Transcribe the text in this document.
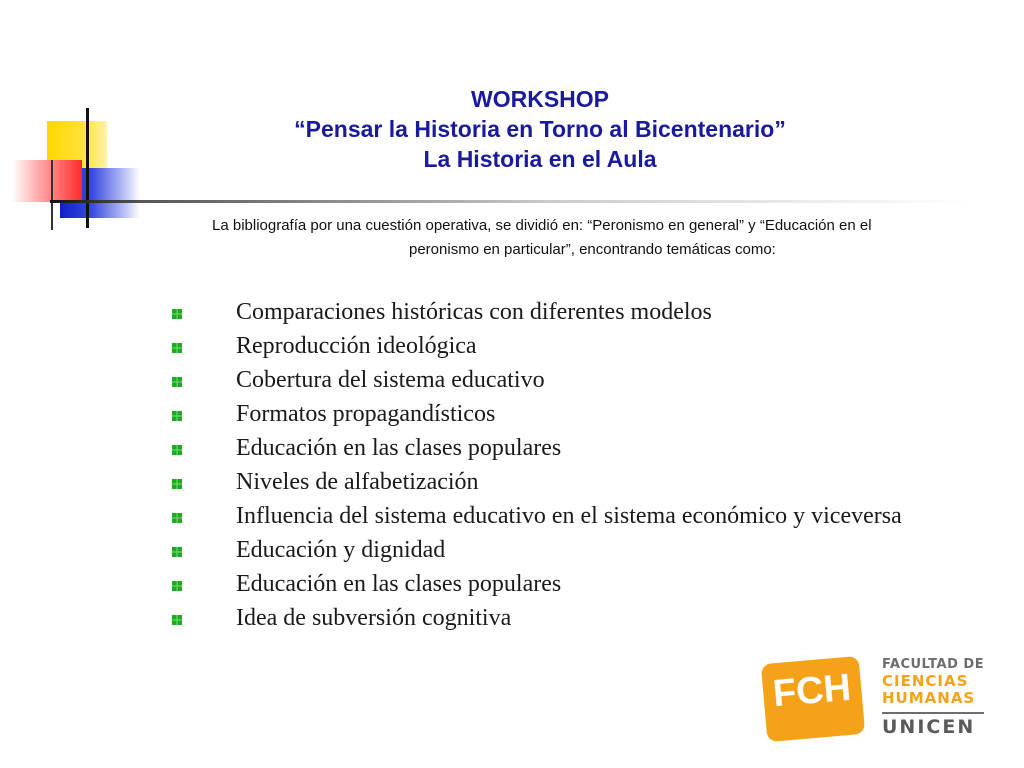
WORKSHOP
“Pensar la Historia en Torno al Bicentenario”
La Historia en el Aula
La bibliografía por una cuestión operativa, se dividió en: “Peronismo en general” y “Educación en el
peronismo en particular”, encontrando temáticas como:
Comparaciones históricas con diferentes modelos
Reproducción ideológica
Cobertura del sistema educativo
Formatos propagandísticos
Educación en las clases populares
Niveles de alfabetización
Influencia del sistema educativo en el sistema económico y viceversa
Educación y dignidad
Educación en las clases populares
Idea de subversión cognitiva
FCH
FACULTAD DE
CIENCIAS
HUMANAS
UNICEN
